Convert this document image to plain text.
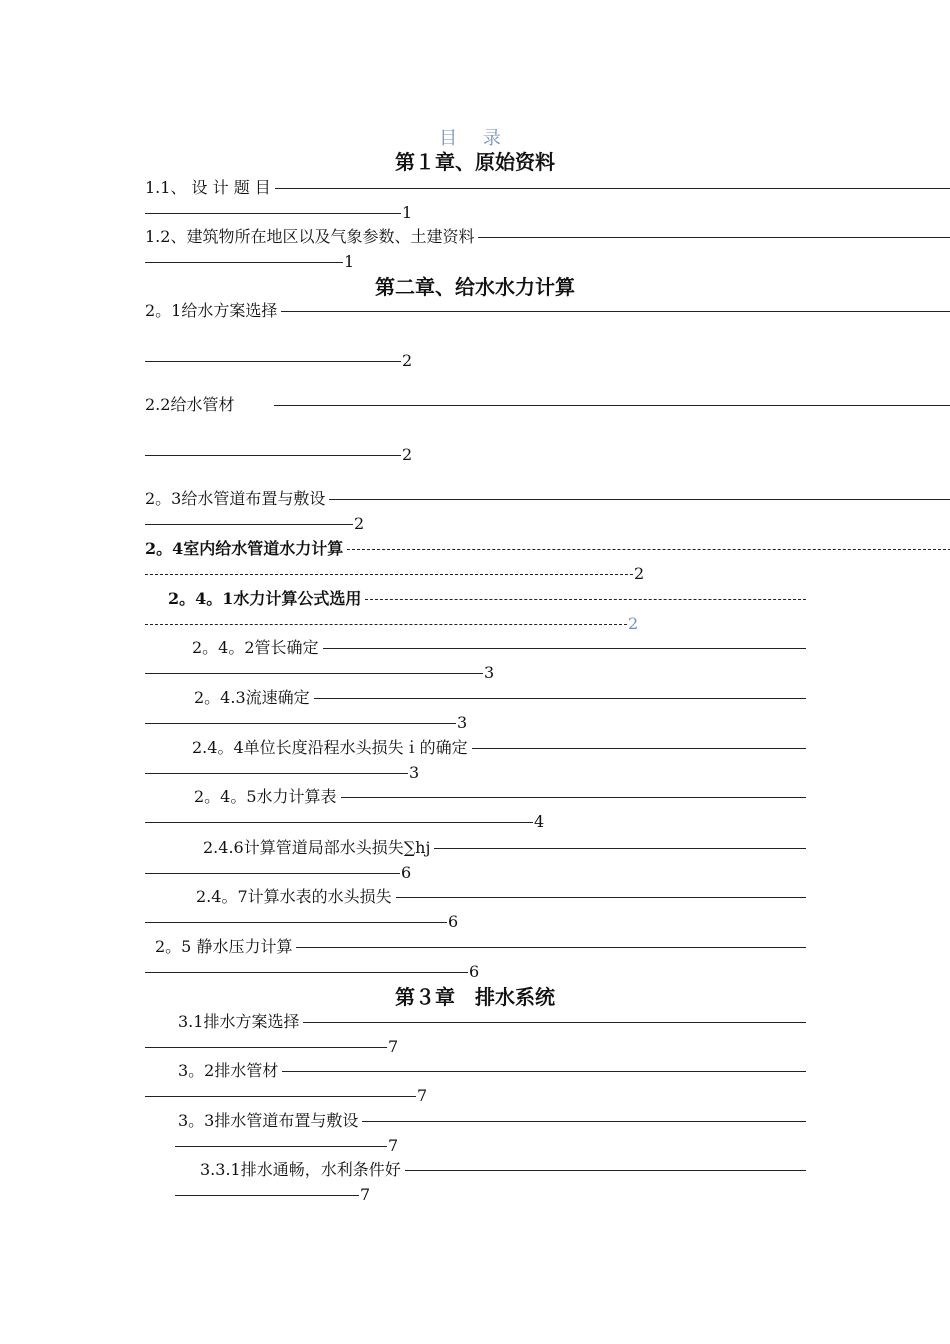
目 录
第１章、原始资料
第二章、给水水力计算
第３章　排水系统
1.1、 设 计 题 目
1
1.2、建筑物所在地区以及气象参数、土建资料
1
2。1给水方案选择
2
2.2给水管材
2
2。3给水管道布置与敷设
2
2。4室内给水管道水力计算
2
2。4。1水力计算公式选用
2
2。4。2管长确定
3
2。4.3流速确定
3
2.4。4单位长度沿程水头损失ｉ的确定
3
2。4。5水力计算表
4
2.4.6计算管道局部水头损失∑hj
6
2.4。7计算水表的水头损失
6
2。5 静水压力计算
6
3.1排水方案选择
7
3。2排水管材
7
3。3排水管道布置与敷设
7
3.3.1排水通畅，水利条件好
7
